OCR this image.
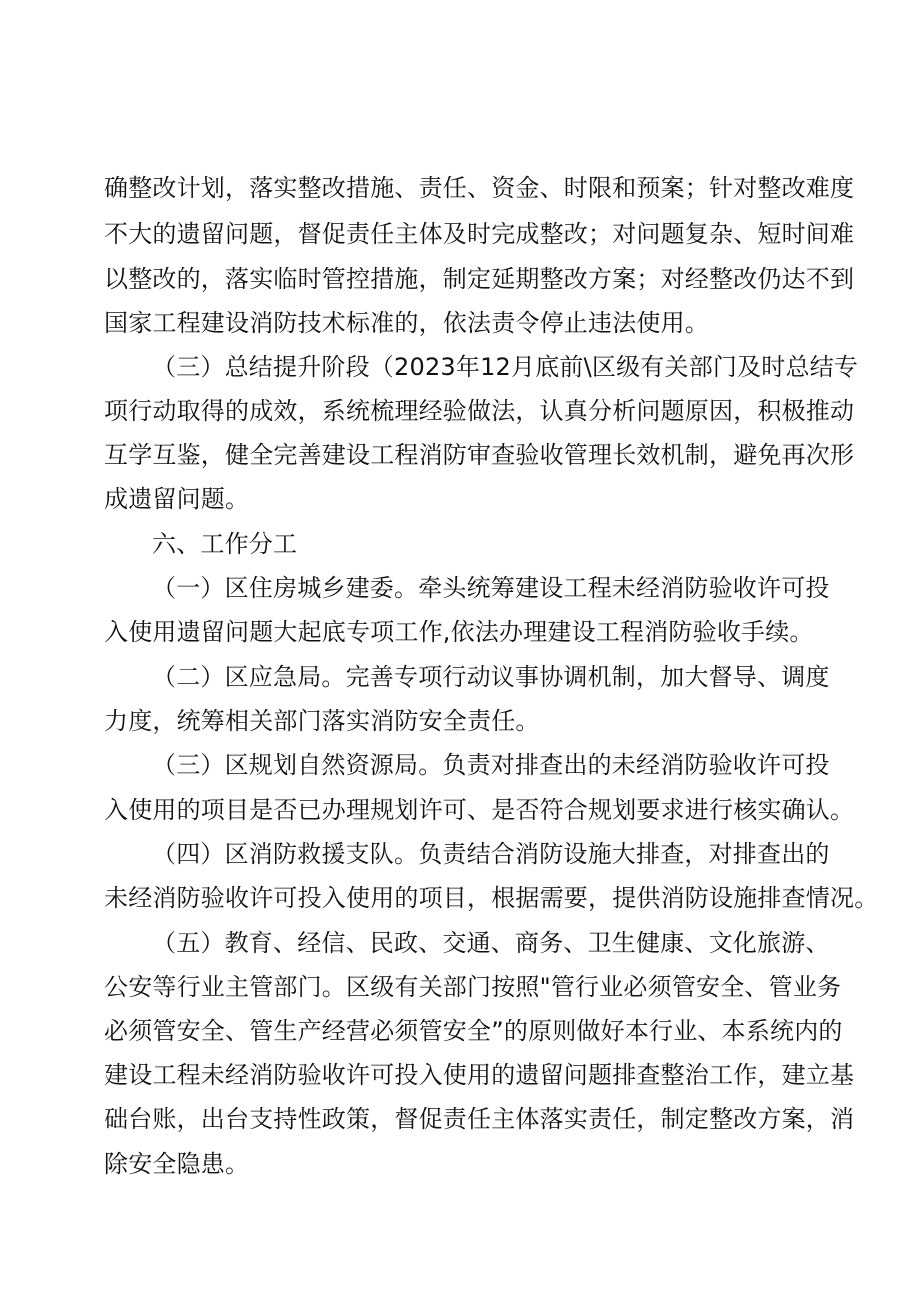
确整改计划，落实整改措施、责任、资金、时限和预案；针对整改难度
不大的遗留问题，督促责任主体及时完成整改；对问题复杂、短时间难
以整改的，落实临时管控措施，制定延期整改方案；对经整改仍达不到
国家工程建设消防技术标准的，依法责令停止违法使用。
（三）总结提升阶段（2023年12月底前\区级有关部门及时总结专
项行动取得的成效，系统梳理经验做法，认真分析问题原因，积极推动
互学互鉴，健全完善建设工程消防审查验收管理长效机制，避免再次形
成遗留问题。
六、工作分工
（一）区住房城乡建委。牵头统筹建设工程未经消防验收许可投
入使用遗留问题大起底专项工作,依法办理建设工程消防验收手续。
（二）区应急局。完善专项行动议事协调机制，加大督导、调度
力度，统筹相关部门落实消防安全责任。
（三）区规划自然资源局。负责对排查出的未经消防验收许可投
入使用的项目是否已办理规划许可、是否符合规划要求进行核实确认。
（四）区消防救援支队。负责结合消防设施大排查，对排查出的
未经消防验收许可投入使用的项目，根据需要，提供消防设施排查情况。
（五）教育、经信、民政、交通、商务、卫生健康、文化旅游、
公安等行业主管部门。区级有关部门按照"管行业必须管安全、管业务
必须管安全、管生产经营必须管安全”的原则做好本行业、本系统内的
建设工程未经消防验收许可投入使用的遗留问题排查整治工作，建立基
础台账，出台支持性政策，督促责任主体落实责任，制定整改方案，消
除安全隐患。
